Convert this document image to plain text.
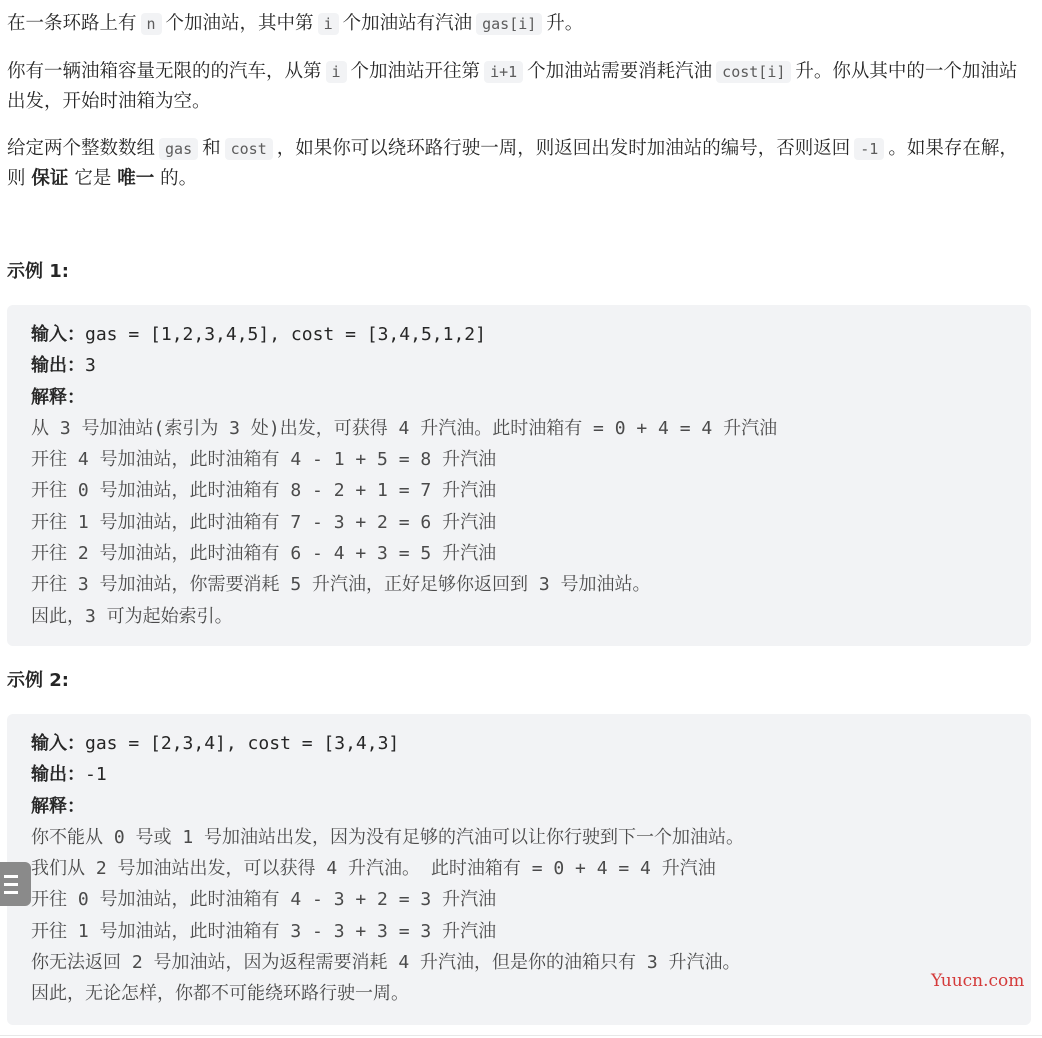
在一条环路上有 n 个加油站，其中第 i 个加油站有汽油 gas[i] 升。

你有一辆油箱容量无限的的汽车，从第 i 个加油站开往第 i+1 个加油站需要消耗汽油 cost[i] 升。你从其中的一个加油站出发，开始时油箱为空。

给定两个整数数组 gas 和 cost ，如果你可以绕环路行驶一周，则返回出发时加油站的编号，否则返回 -1 。如果存在解，则 保证 它是 唯一 的。

示例 1:
输入：gas = [1,2,3,4,5], cost = [3,4,5,1,2]
输出：3
解释：
从 3 号加油站(索引为 3 处)出发，可获得 4 升汽油。此时油箱有 = 0 + 4 = 4 升汽油
开往 4 号加油站，此时油箱有 4 - 1 + 5 = 8 升汽油
开往 0 号加油站，此时油箱有 8 - 2 + 1 = 7 升汽油
开往 1 号加油站，此时油箱有 7 - 3 + 2 = 6 升汽油
开往 2 号加油站，此时油箱有 6 - 4 + 3 = 5 升汽油
开往 3 号加油站，你需要消耗 5 升汽油，正好足够你返回到 3 号加油站。
因此，3 可为起始索引。
示例 2:
输入：gas = [2,3,4], cost = [3,4,3]
输出：-1
解释：
你不能从 0 号或 1 号加油站出发，因为没有足够的汽油可以让你行驶到下一个加油站。
我们从 2 号加油站出发，可以获得 4 升汽油。 此时油箱有 = 0 + 4 = 4 升汽油
开往 0 号加油站，此时油箱有 4 - 3 + 2 = 3 升汽油
开往 1 号加油站，此时油箱有 3 - 3 + 3 = 3 升汽油
你无法返回 2 号加油站，因为返程需要消耗 4 升汽油，但是你的油箱只有 3 升汽油。
因此，无论怎样，你都不可能绕环路行驶一周。
Yuucn.com
